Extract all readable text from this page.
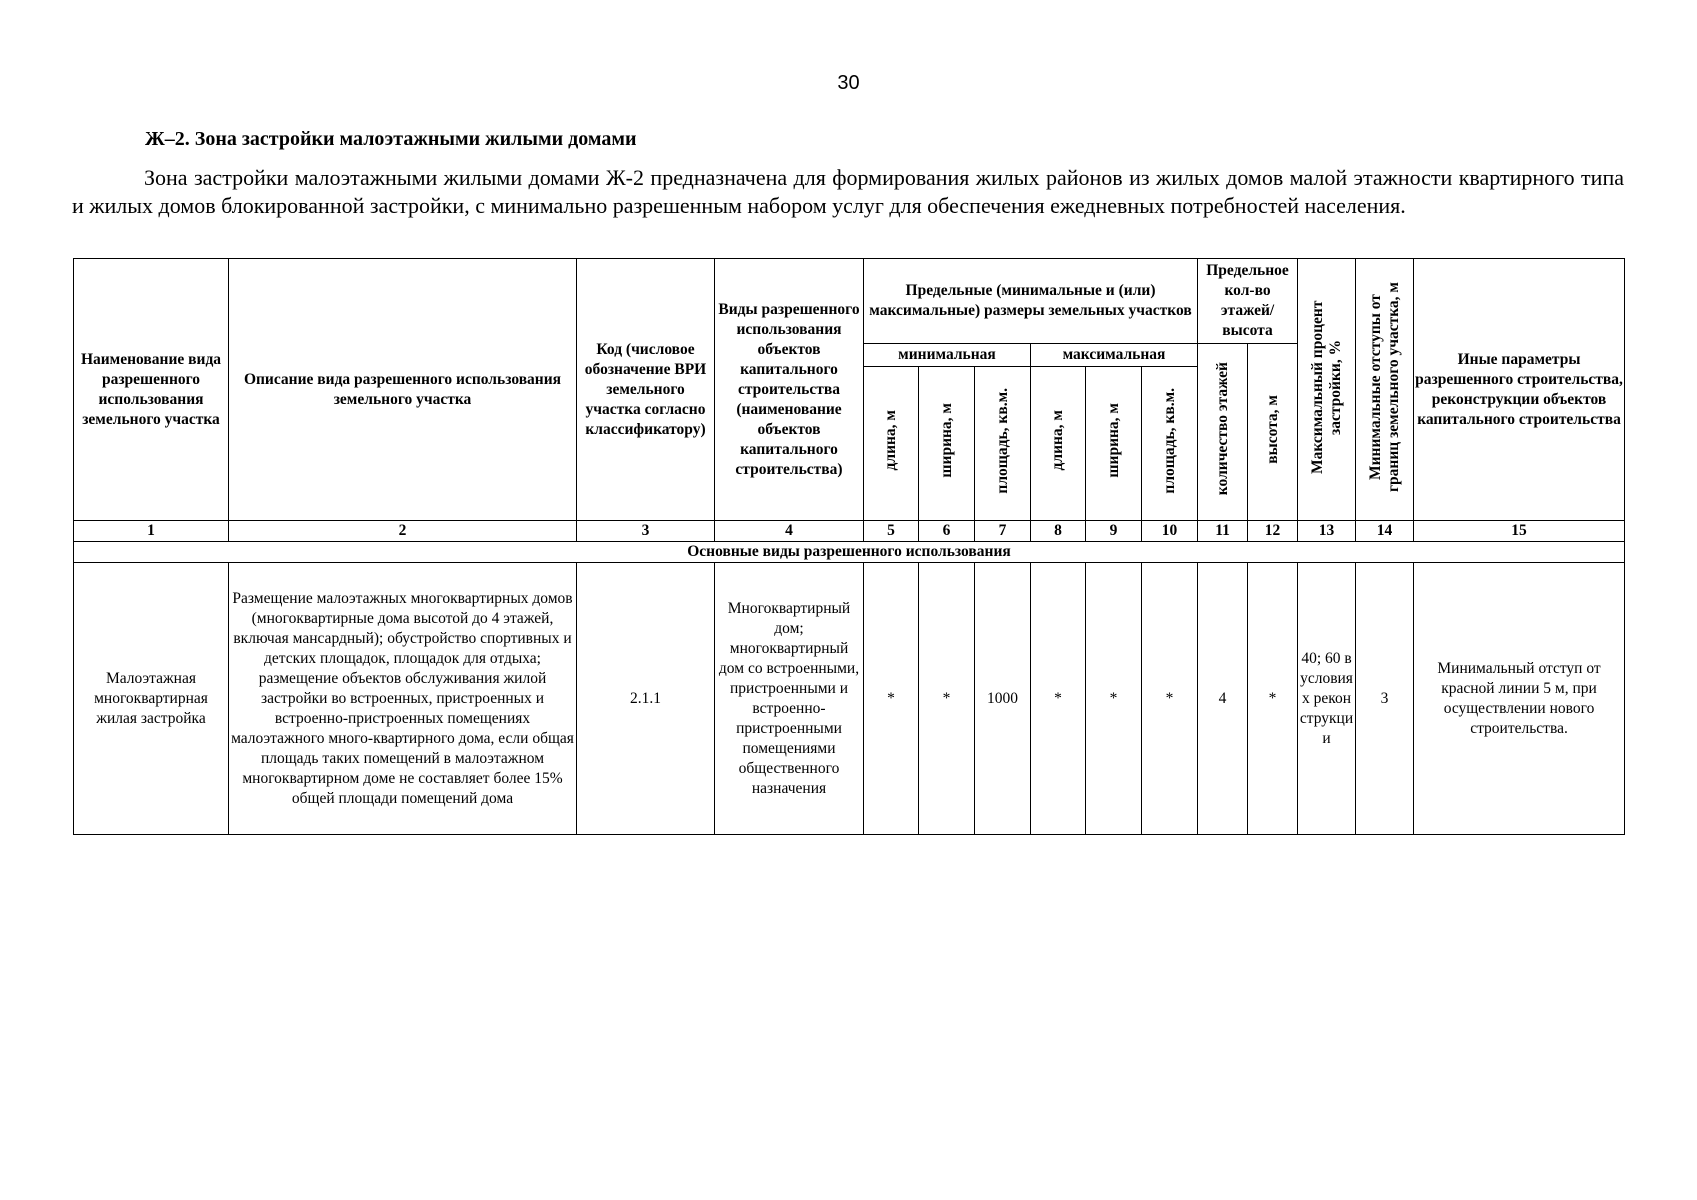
30
Ж–2. Зона застройки малоэтажными жилыми домами

Зона застройки малоэтажными жилыми домами Ж-2 предназначена для формирования жилых районов из жилых домов малой этажности квартирного типа и жилых домов блокированной застройки, с минимально разрешенным набором услуг для обеспечения ежедневных потребностей населения.

Наименование вида разрешенного использования земельного участка	Описание вида разрешенного использования земельного участка	Код (числовое обозначение ВРИ земельного участка согласно классификатору)	Виды разрешенного использования объектов капитального строительства (наименование объектов капитального строительства)	Предельные (минимальные и (или) максимальные) размеры земельных участков						Предельное кол-во этажей/ высота		Максимальный процент застройки, %	Минимальные отступы от границ земельного участка, м	Иные параметры разрешенного строительства, реконструкции объектов капитального строительства
				минимальная			максимальная			количество этажей	высота, м			
				длина, м	ширина, м	площадь, кв.м.	длина, м	ширина, м	площадь, кв.м.					
1	2	3	4	5	6	7	8	9	10	11	12	13	14	15
Основные виды разрешенного использования														
Малоэтажная многоквартирная жилая застройка	Размещение малоэтажных многоквартирных домов (многоквартирные дома высотой до 4 этажей, включая мансардный); обустройство спортивных и детских площадок, площадок для отдыха; размещение объектов обслуживания жилой застройки во встроенных, пристроенных и встроенно-пристроенных помещениях малоэтажного много-квартирного дома, если общая площадь таких помещений в малоэтажном многоквартирном доме не составляет более 15% общей площади помещений дома	2.1.1	Многоквартирный дом; многоквартирный дом со встроенными, пристроенными и встроенно-пристроенными помещениями общественного назначения	*	*	1000	*	*	*	4	*	40; 60 в условиях реконструкции	3	Минимальный отступ от красной линии 5 м, при осуществлении нового строительства.
